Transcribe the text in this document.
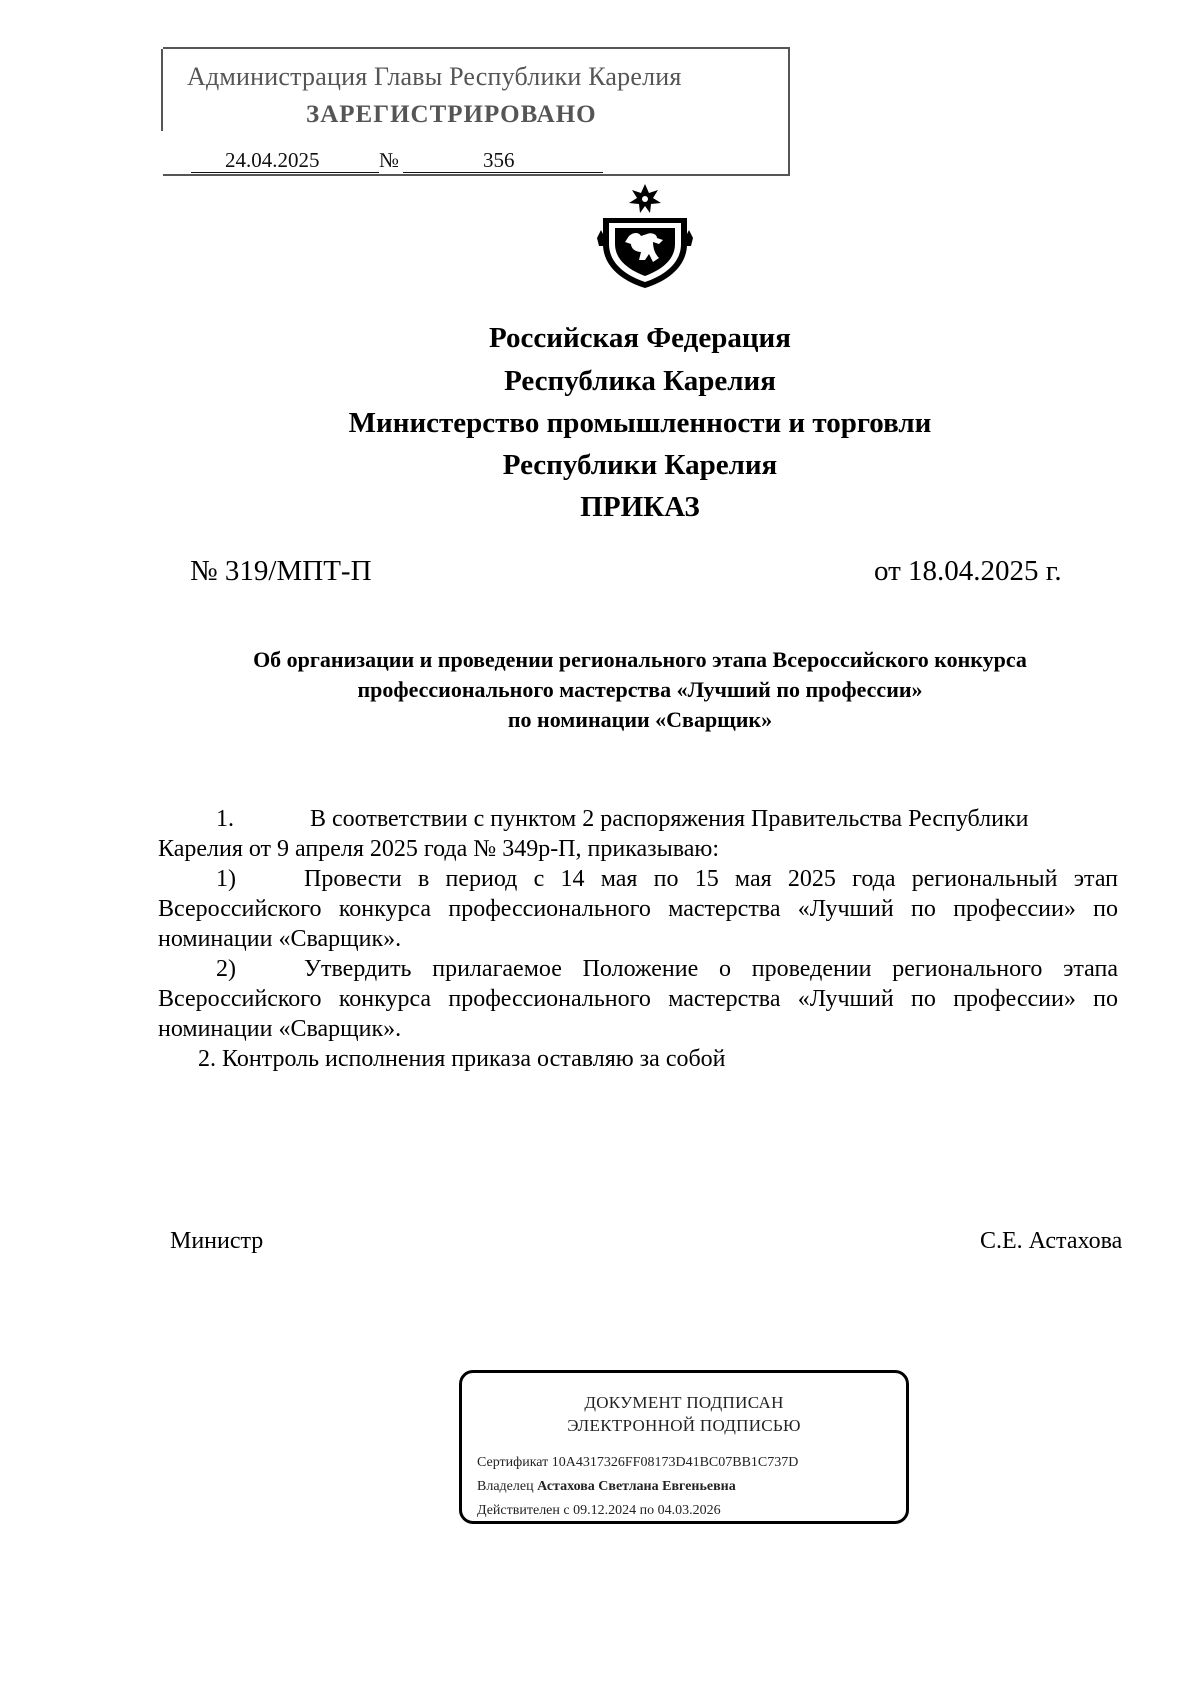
Администрация Главы Республики Карелия
ЗАРЕГИСТРИРОВАНО
24.04.2025	№	356
Российская Федерация
Республика Карелия
Министерство промышленности и торговли
Республики Карелия
ПРИКАЗ
№ 319/МПТ-П	от 18.04.2025 г.
Об организации и проведении регионального этапа Всероссийского конкурса
профессионального мастерства «Лучший по профессии»
по номинации «Сварщик»
1.	В соответствии с пунктом 2 распоряжения Правительства Республики
Карелия от 9 апреля 2025 года № 349р-П, приказываю:
1)	Провести в период с 14 мая по 15 мая 2025 года региональный этап
Всероссийского конкурса профессионального мастерства «Лучший по профессии» по
номинации «Сварщик».
2)	Утвердить прилагаемое Положение о проведении регионального этапа
Всероссийского конкурса профессионального мастерства «Лучший по профессии» по
номинации «Сварщик».
2. Контроль исполнения приказа оставляю за собой
Министр	С.Е. Астахова
ДОКУМЕНТ ПОДПИСАН
ЭЛЕКТРОННОЙ ПОДПИСЬЮ
Сертификат 10A4317326FF08173D41BC07BB1C737D
Владелец Астахова Светлана Евгеньевна
Действителен с 09.12.2024 по 04.03.2026
